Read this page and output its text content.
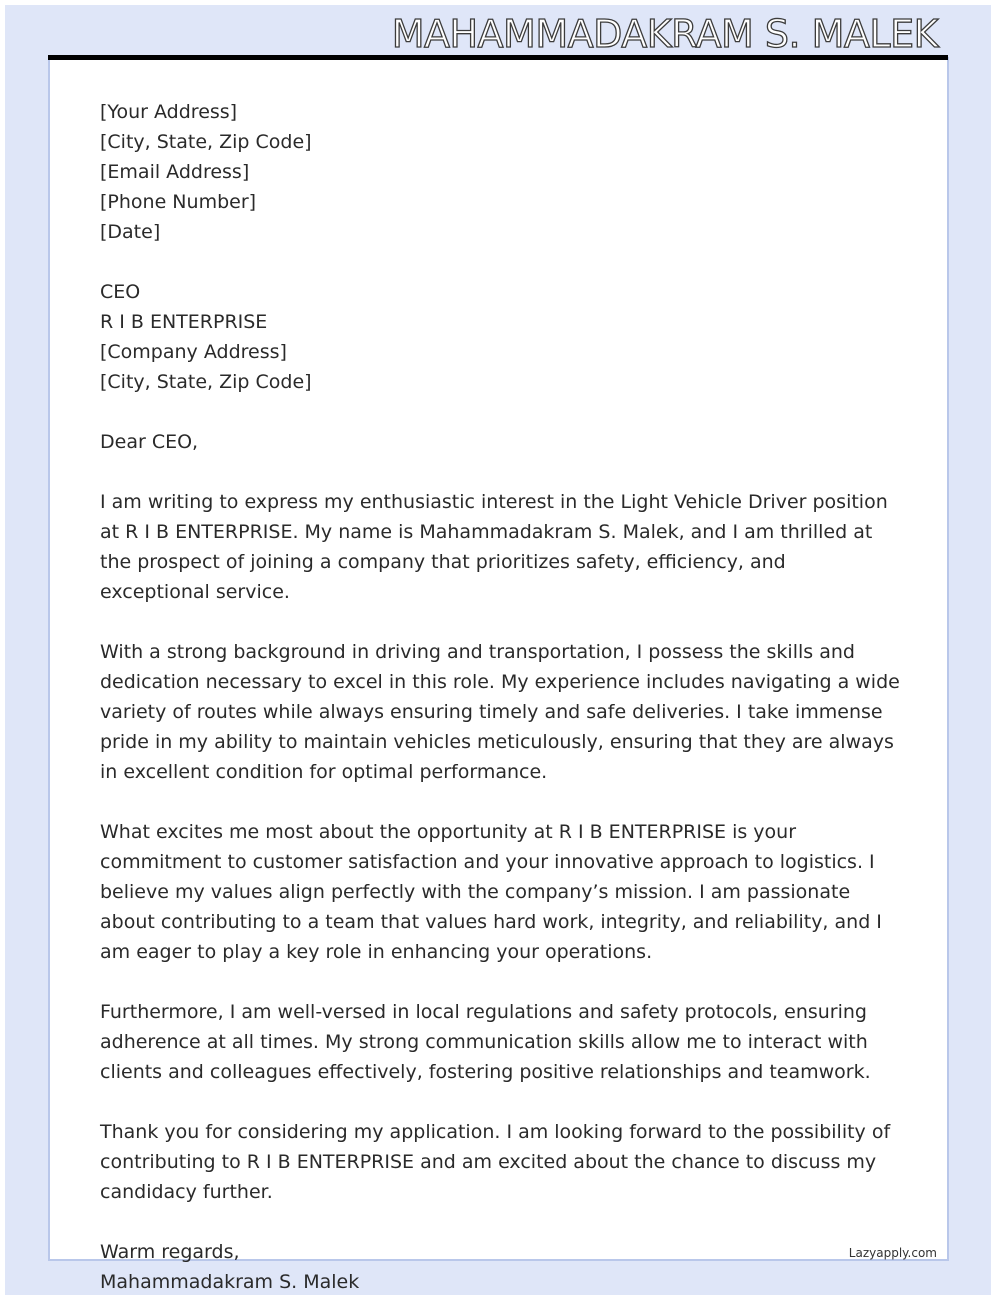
MAHAMMADAKRAM S. MALEK
[Your Address]
[City, State, Zip Code]
[Email Address]
[Phone Number]
[Date]
CEO
R I B ENTERPRISE
[Company Address]
[City, State, Zip Code]

Dear CEO,

I am writing to express my enthusiastic interest in the Light Vehicle Driver position at R I B ENTERPRISE. My name is Mahammadakram S. Malek, and I am thrilled at the prospect of joining a company that prioritizes safety, efficiency, and exceptional service.

With a strong background in driving and transportation, I possess the skills and dedication necessary to excel in this role. My experience includes navigating a wide variety of routes while always ensuring timely and safe deliveries. I take immense pride in my ability to maintain vehicles meticulously, ensuring that they are always in excellent condition for optimal performance.

What excites me most about the opportunity at R I B ENTERPRISE is your commitment to customer satisfaction and your innovative approach to logistics. I believe my values align perfectly with the company’s mission. I am passionate about contributing to a team that values hard work, integrity, and reliability, and I am eager to play a key role in enhancing your operations.

Furthermore, I am well-versed in local regulations and safety protocols, ensuring adherence at all times. My strong communication skills allow me to interact with clients and colleagues effectively, fostering positive relationships and teamwork.

Thank you for considering my application. I am looking forward to the possibility of contributing to R I B ENTERPRISE and am excited about the chance to discuss my candidacy further.

Warm regards,	Lazyapply.com
Mahammadakram S. Malek
